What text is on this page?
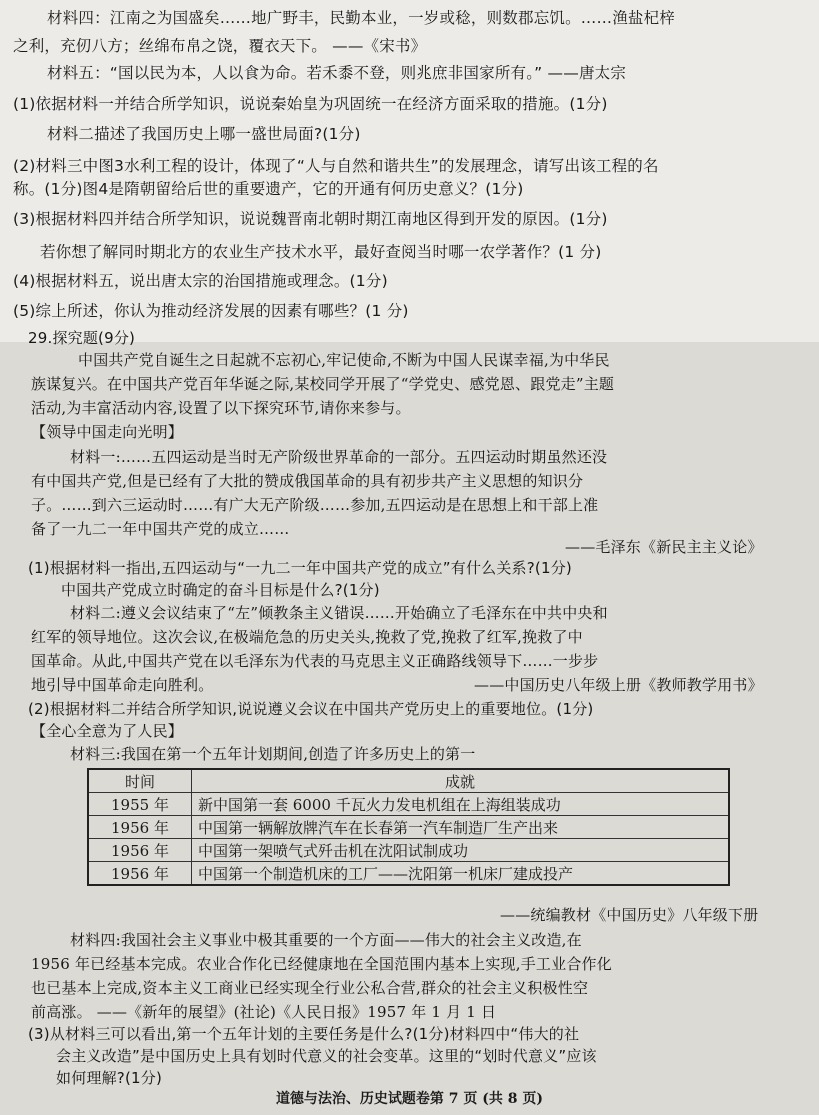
材料四：江南之为国盛矣……地广野丰，民勤本业，一岁或稔，则数郡忘饥。……渔盐杞梓
之利，充仞八方；丝绵布帛之饶，覆衣天下。 ——《宋书》
材料五：“国以民为本，人以食为命。若禾黍不登，则兆庶非国家所有。” ——唐太宗
(1)依据材料一并结合所学知识，说说秦始皇为巩固统一在经济方面采取的措施。(1分)
材料二描述了我国历史上哪一盛世局面?(1分)
(2)材料三中图3水利工程的设计，体现了“人与自然和谐共生”的发展理念，请写出该工程的名
称。(1分)图4是隋朝留给后世的重要遗产，它的开通有何历史意义？(1分)
(3)根据材料四并结合所学知识，说说魏晋南北朝时期江南地区得到开发的原因。(1分)
若你想了解同时期北方的农业生产技术水平，最好查阅当时哪一农学著作？(1 分)
(4)根据材料五，说出唐太宗的治国措施或理念。(1分)
(5)综上所述，你认为推动经济发展的因素有哪些？(1 分)
29.探究题(9分)
中国共产党自诞生之日起就不忘初心,牢记使命,不断为中国人民谋幸福,为中华民
族谋复兴。在中国共产党百年华诞之际,某校同学开展了“学党史、感党恩、跟党走”主题
活动,为丰富活动内容,设置了以下探究环节,请你来参与。
【领导中国走向光明】
材料一:……五四运动是当时无产阶级世界革命的一部分。五四运动时期虽然还没
有中国共产党,但是已经有了大批的赞成俄国革命的具有初步共产主义思想的知识分
子。……到六三运动时……有广大无产阶级……参加,五四运动是在思想上和干部上准
备了一九二一年中国共产党的成立……
——毛泽东《新民主主义论》
(1)根据材料一指出,五四运动与“一九二一年中国共产党的成立”有什么关系?(1分)
中国共产党成立时确定的奋斗目标是什么?(1分)
材料二:遵义会议结束了“左”倾教条主义错误……开始确立了毛泽东在中共中央和
红军的领导地位。这次会议,在极端危急的历史关头,挽救了党,挽救了红军,挽救了中
国革命。从此,中国共产党在以毛泽东为代表的马克思主义正确路线领导下……一步步
地引导中国革命走向胜利。	——中国历史八年级上册《教师教学用书》
(2)根据材料二并结合所学知识,说说遵义会议在中国共产党历史上的重要地位。(1分)
【全心全意为了人民】
材料三:我国在第一个五年计划期间,创造了许多历史上的第一
时间	成就
1955 年	新中国第一套 6000 千瓦火力发电机组在上海组装成功
1956 年	中国第一辆解放牌汽车在长春第一汽车制造厂生产出来
1956 年	中国第一架喷气式歼击机在沈阳试制成功
1956 年	中国第一个制造机床的工厂——沈阳第一机床厂建成投产
——统编教材《中国历史》八年级下册
材料四:我国社会主义事业中极其重要的一个方面——伟大的社会主义改造,在
1956 年已经基本完成。农业合作化已经健康地在全国范围内基本上实现,手工业合作化
也已基本上完成,资本主义工商业已经实现全行业公私合营,群众的社会主义积极性空
前高涨。 ——《新年的展望》(社论)《人民日报》1957 年 1 月 1 日
(3)从材料三可以看出,第一个五年计划的主要任务是什么?(1分)材料四中“伟大的社
会主义改造”是中国历史上具有划时代意义的社会变革。这里的“划时代意义”应该
如何理解?(1分)
道德与法治、历史试题卷第 7 页 (共 8 页)
